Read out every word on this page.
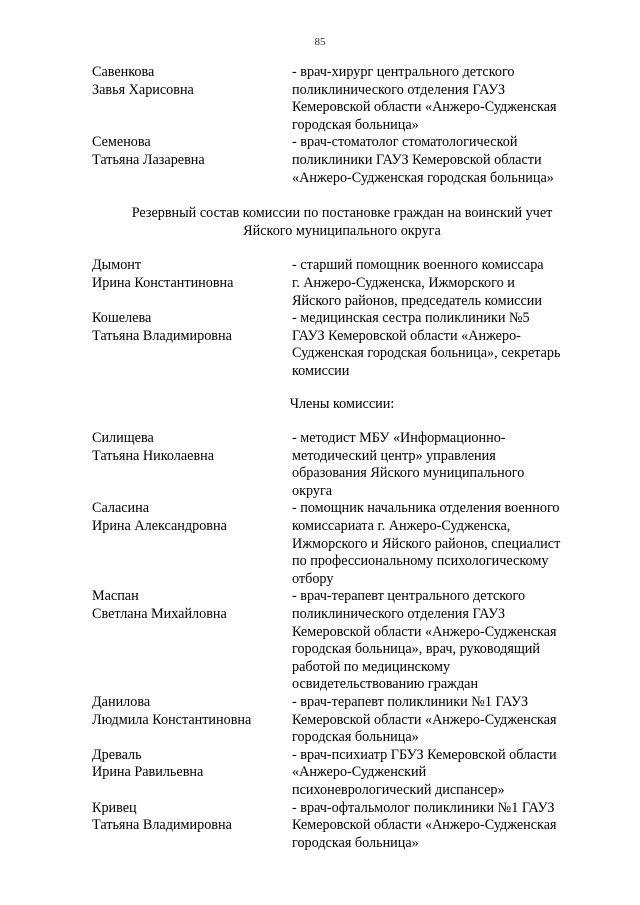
85
Савенкова
Завья Харисовна
- врач-хирург центрального детского
поликлинического отделения ГАУЗ
Кемеровской области «Анжеро-Судженская
городская больница»
Семенова
Татьяна Лазаревна
- врач-стоматолог стоматологической
поликлиники ГАУЗ Кемеровской области
«Анжеро-Судженская городская больница»
Резервный состав комиссии по постановке граждан на воинский учет
Яйского муниципального округа
Дымонт
Ирина Константиновна
- старший помощник военного комиссара
г. Анжеро-Судженска, Ижморского и
Яйского районов, председатель комиссии
Кошелева
Татьяна Владимировна
- медицинская сестра поликлиники №5
ГАУЗ Кемеровской области «Анжеро-
Судженская городская больница», секретарь
комиссии
Члены комиссии:
Силищева
Татьяна Николаевна
- методист МБУ «Информационно-
методический центр» управления
образования Яйского муниципального
округа
Саласина
Ирина Александровна
- помощник начальника отделения военного
комиссариата г. Анжеро-Судженска,
Ижморского и Яйского районов, специалист
по профессиональному психологическому
отбору
Маспан
Светлана Михайловна
- врач-терапевт центрального детского
поликлинического отделения ГАУЗ
Кемеровской области «Анжеро-Судженская
городская больница», врач, руководящий
работой по медицинскому
освидетельствованию граждан
Данилова
Людмила Константиновна
- врач-терапевт поликлиники №1 ГАУЗ
Кемеровской области «Анжеро-Судженская
городская больница»
Древаль
Ирина Равильевна
- врач-психиатр ГБУЗ Кемеровской области
«Анжеро-Судженский
психоневрологический диспансер»
Кривец
Татьяна Владимировна
- врач-офтальмолог поликлиники №1 ГАУЗ
Кемеровской области «Анжеро-Судженская
городская больница»
